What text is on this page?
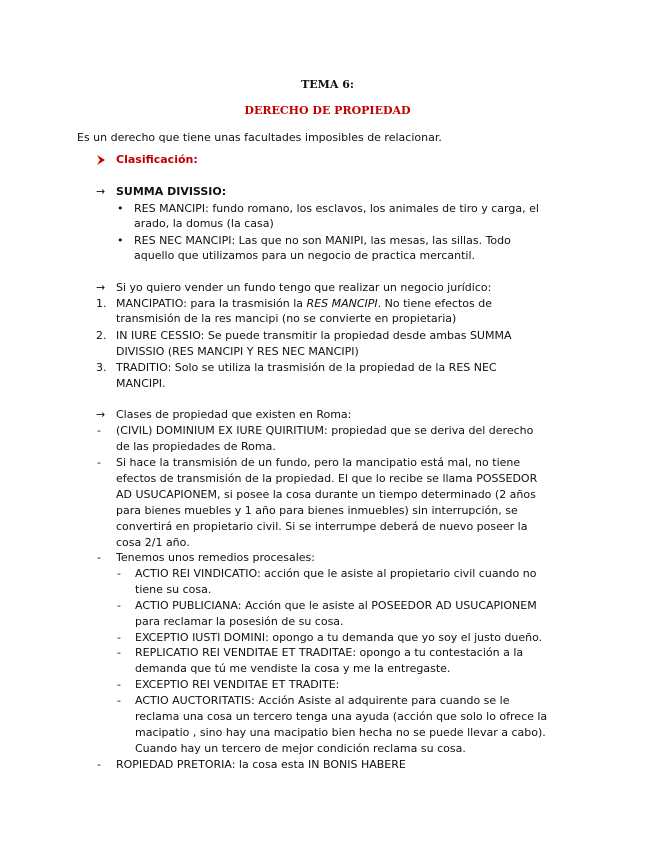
TEMA 6:
DERECHO DE PROPIEDAD
Es un derecho que tiene unas facultades imposibles de relacionar.
Clasificación:
→ SUMMA DIVISSIO:
• RES MANCIPI: fundo romano, los esclavos, los animales de tiro y carga, el
arado, la domus (la casa)
• RES NEC MANCIPI: Las que no son MANIPI, las mesas, las sillas. Todo
aquello que utilizamos para un negocio de practica mercantil.
→ Si yo quiero vender un fundo tengo que realizar un negocio jurídico:
1. MANCIPATIO: para la trasmisión la RES MANCIPI. No tiene efectos de
transmisión de la res mancipi (no se convierte en propietaria)
2. IN IURE CESSIO: Se puede transmitir la propiedad desde ambas SUMMA
DIVISSIO (RES MANCIPI Y RES NEC MANCIPI)
3. TRADITIO: Solo se utiliza la trasmisión de la propiedad de la RES NEC
MANCIPI.
→ Clases de propiedad que existen en Roma:
- (CIVIL) DOMINIUM EX IURE QUIRITIUM: propiedad que se deriva del derecho
de las propiedades de Roma.
- Si hace la transmisión de un fundo, pero la mancipatio está mal, no tiene
efectos de transmisión de la propiedad. El que lo recibe se llama POSSEDOR
AD USUCAPIONEM, si posee la cosa durante un tiempo determinado (2 años
para bienes muebles y 1 año para bienes inmuebles) sin interrupción, se
convertirá en propietario civil. Si se interrumpe deberá de nuevo poseer la
cosa 2/1 año.
- Tenemos unos remedios procesales:
- ACTIO REI VINDICATIO: acción que le asiste al propietario civil cuando no
tiene su cosa.
- ACTIO PUBLICIANA: Acción que le asiste al POSEEDOR AD USUCAPIONEM
para reclamar la posesión de su cosa.
- EXCEPTIO IUSTI DOMINI: opongo a tu demanda que yo soy el justo dueño.
- REPLICATIO REI VENDITAE ET TRADITAE: opongo a tu contestación a la
demanda que tú me vendiste la cosa y me la entregaste.
- EXCEPTIO REI VENDITAE ET TRADITE:
- ACTIO AUCTORITATIS: Acción Asiste al adquirente para cuando se le
reclama una cosa un tercero tenga una ayuda (acción que solo lo ofrece la
macipatio , sino hay una macipatio bien hecha no se puede llevar a cabo).
Cuando hay un tercero de mejor condición reclama su cosa.
- ROPIEDAD PRETORIA: la cosa esta IN BONIS HABERE
